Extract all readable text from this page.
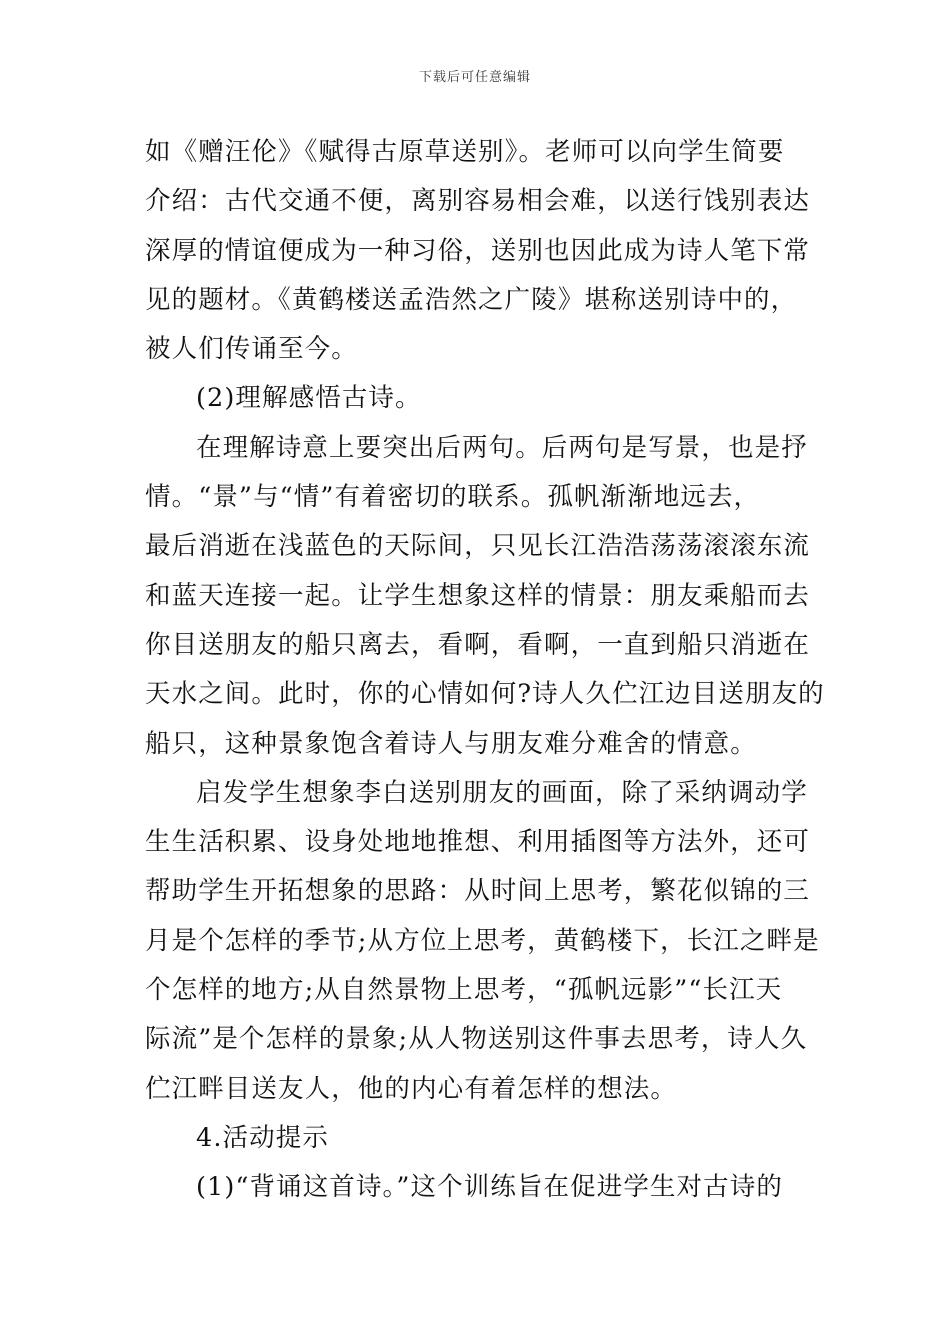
下载后可任意编辑
如《赠汪伦》《赋得古原草送别》。老师可以向学生简要
介绍：古代交通不便，离别容易相会难，以送行饯别表达
深厚的情谊便成为一种习俗，送别也因此成为诗人笔下常
见的题材。《黄鹤楼送孟浩然之广陵》堪称送别诗中的，
被人们传诵至今。
(2)理解感悟古诗。
在理解诗意上要突出后两句。后两句是写景，也是抒
情。“景”与“情”有着密切的联系。孤帆渐渐地远去，
最后消逝在浅蓝色的天际间，只见长江浩浩荡荡滚滚东流
和蓝天连接一起。让学生想象这样的情景：朋友乘船而去
你目送朋友的船只离去，看啊，看啊，一直到船只消逝在
天水之间。此时，你的心情如何?诗人久伫江边目送朋友的
船只，这种景象饱含着诗人与朋友难分难舍的情意。
启发学生想象李白送别朋友的画面，除了采纳调动学
生生活积累、设身处地地推想、利用插图等方法外，还可
帮助学生开拓想象的思路：从时间上思考，繁花似锦的三
月是个怎样的季节;从方位上思考，黄鹤楼下，长江之畔是
个怎样的地方;从自然景物上思考，“孤帆远影”“长江天
际流”是个怎样的景象;从人物送别这件事去思考，诗人久
伫江畔目送友人，他的内心有着怎样的想法。
4.活动提示
(1)“背诵这首诗。”这个训练旨在促进学生对古诗的
